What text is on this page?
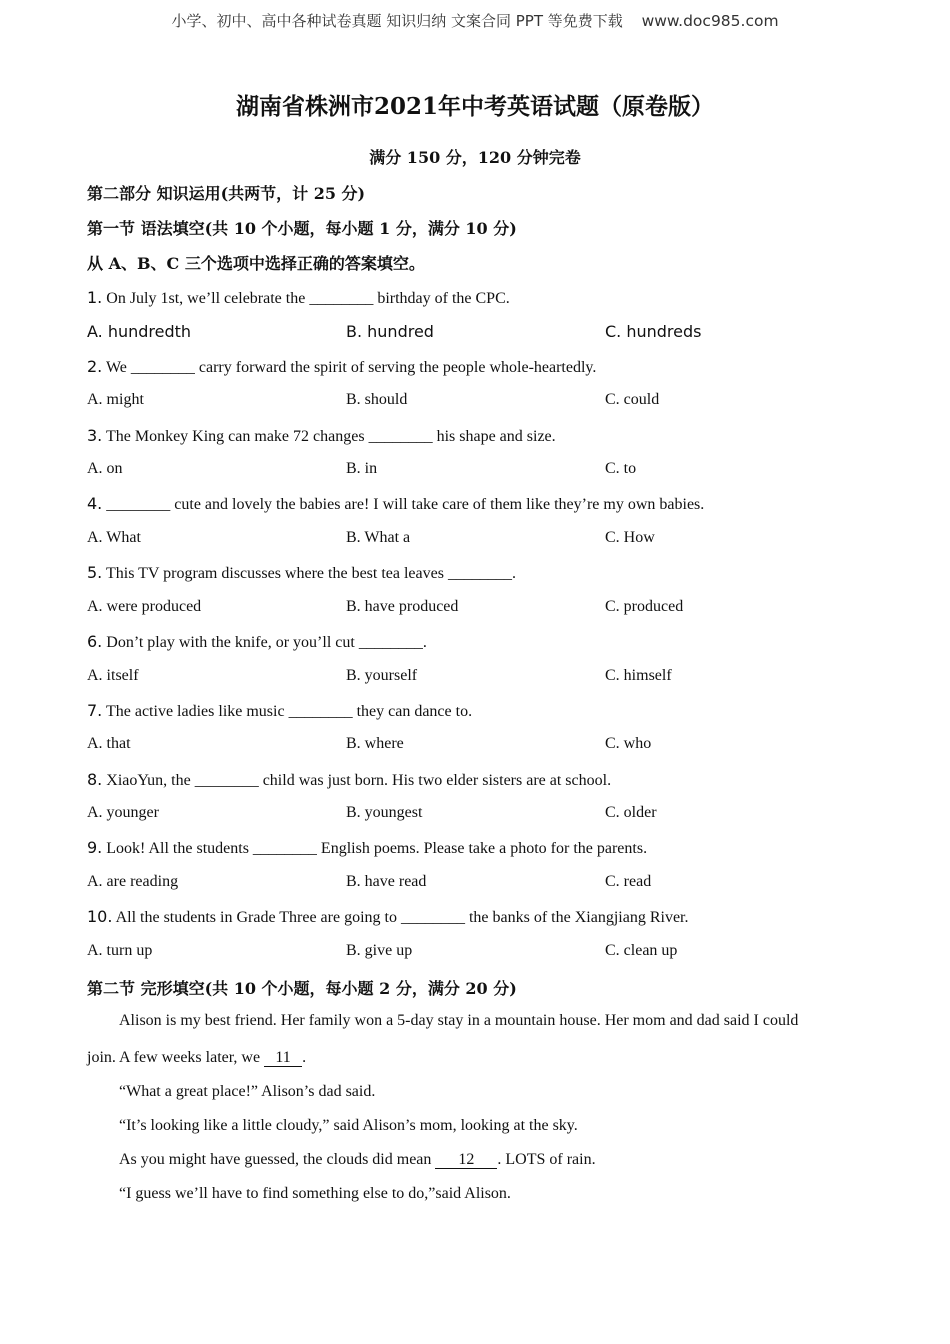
小学、初中、高中各种试卷真题 知识归纳 文案合同 PPT 等免费下载 www.doc985.com
湖南省株洲市2021年中考英语试题（原卷版）
满分 150 分，120 分钟完卷
第二部分 知识运用(共两节，计 25 分)
第一节 语法填空(共 10 个小题，每小题 1 分，满分 10 分)
从 A、B、C 三个选项中选择正确的答案填空。
1. On July 1st, we’ll celebrate the ________ birthday of the CPC.
A. hundredth	B. hundred	C. hundreds
2. We ________ carry forward the spirit of serving the people whole-heartedly.
A. might	B. should	C. could
3. The Monkey King can make 72 changes ________ his shape and size.
A. on	B. in	C. to
4. ________ cute and lovely the babies are! I will take care of them like they’re my own babies.
A. What	B. What a	C. How
5. This TV program discusses where the best tea leaves ________.
A. were produced	B. have produced	C. produced
6. Don’t play with the knife, or you’ll cut ________.
A. itself	B. yourself	C. himself
7. The active ladies like music ________ they can dance to.
A. that	B. where	C. who
8. XiaoYun, the ________ child was just born. His two elder sisters are at school.
A. younger	B. youngest	C. older
9. Look! All the students ________ English poems. Please take a photo for the parents.
A. are reading	B. have read	C. read
10. All the students in Grade Three are going to ________ the banks of the Xiangjiang River.
A. turn up	B. give up	C. clean up
第二节 完形填空(共 10 个小题，每小题 2 分，满分 20 分)
Alison is my best friend. Her family won a 5-day stay in a mountain house. Her mom and dad said I could
join. A few weeks later, we 11 .
“What a great place!” Alison’s dad said.
“It’s looking like a little cloudy,” said Alison’s mom, looking at the sky.
As you might have guessed, the clouds did mean 12 . LOTS of rain.
“I guess we’ll have to find something else to do,”said Alison.
